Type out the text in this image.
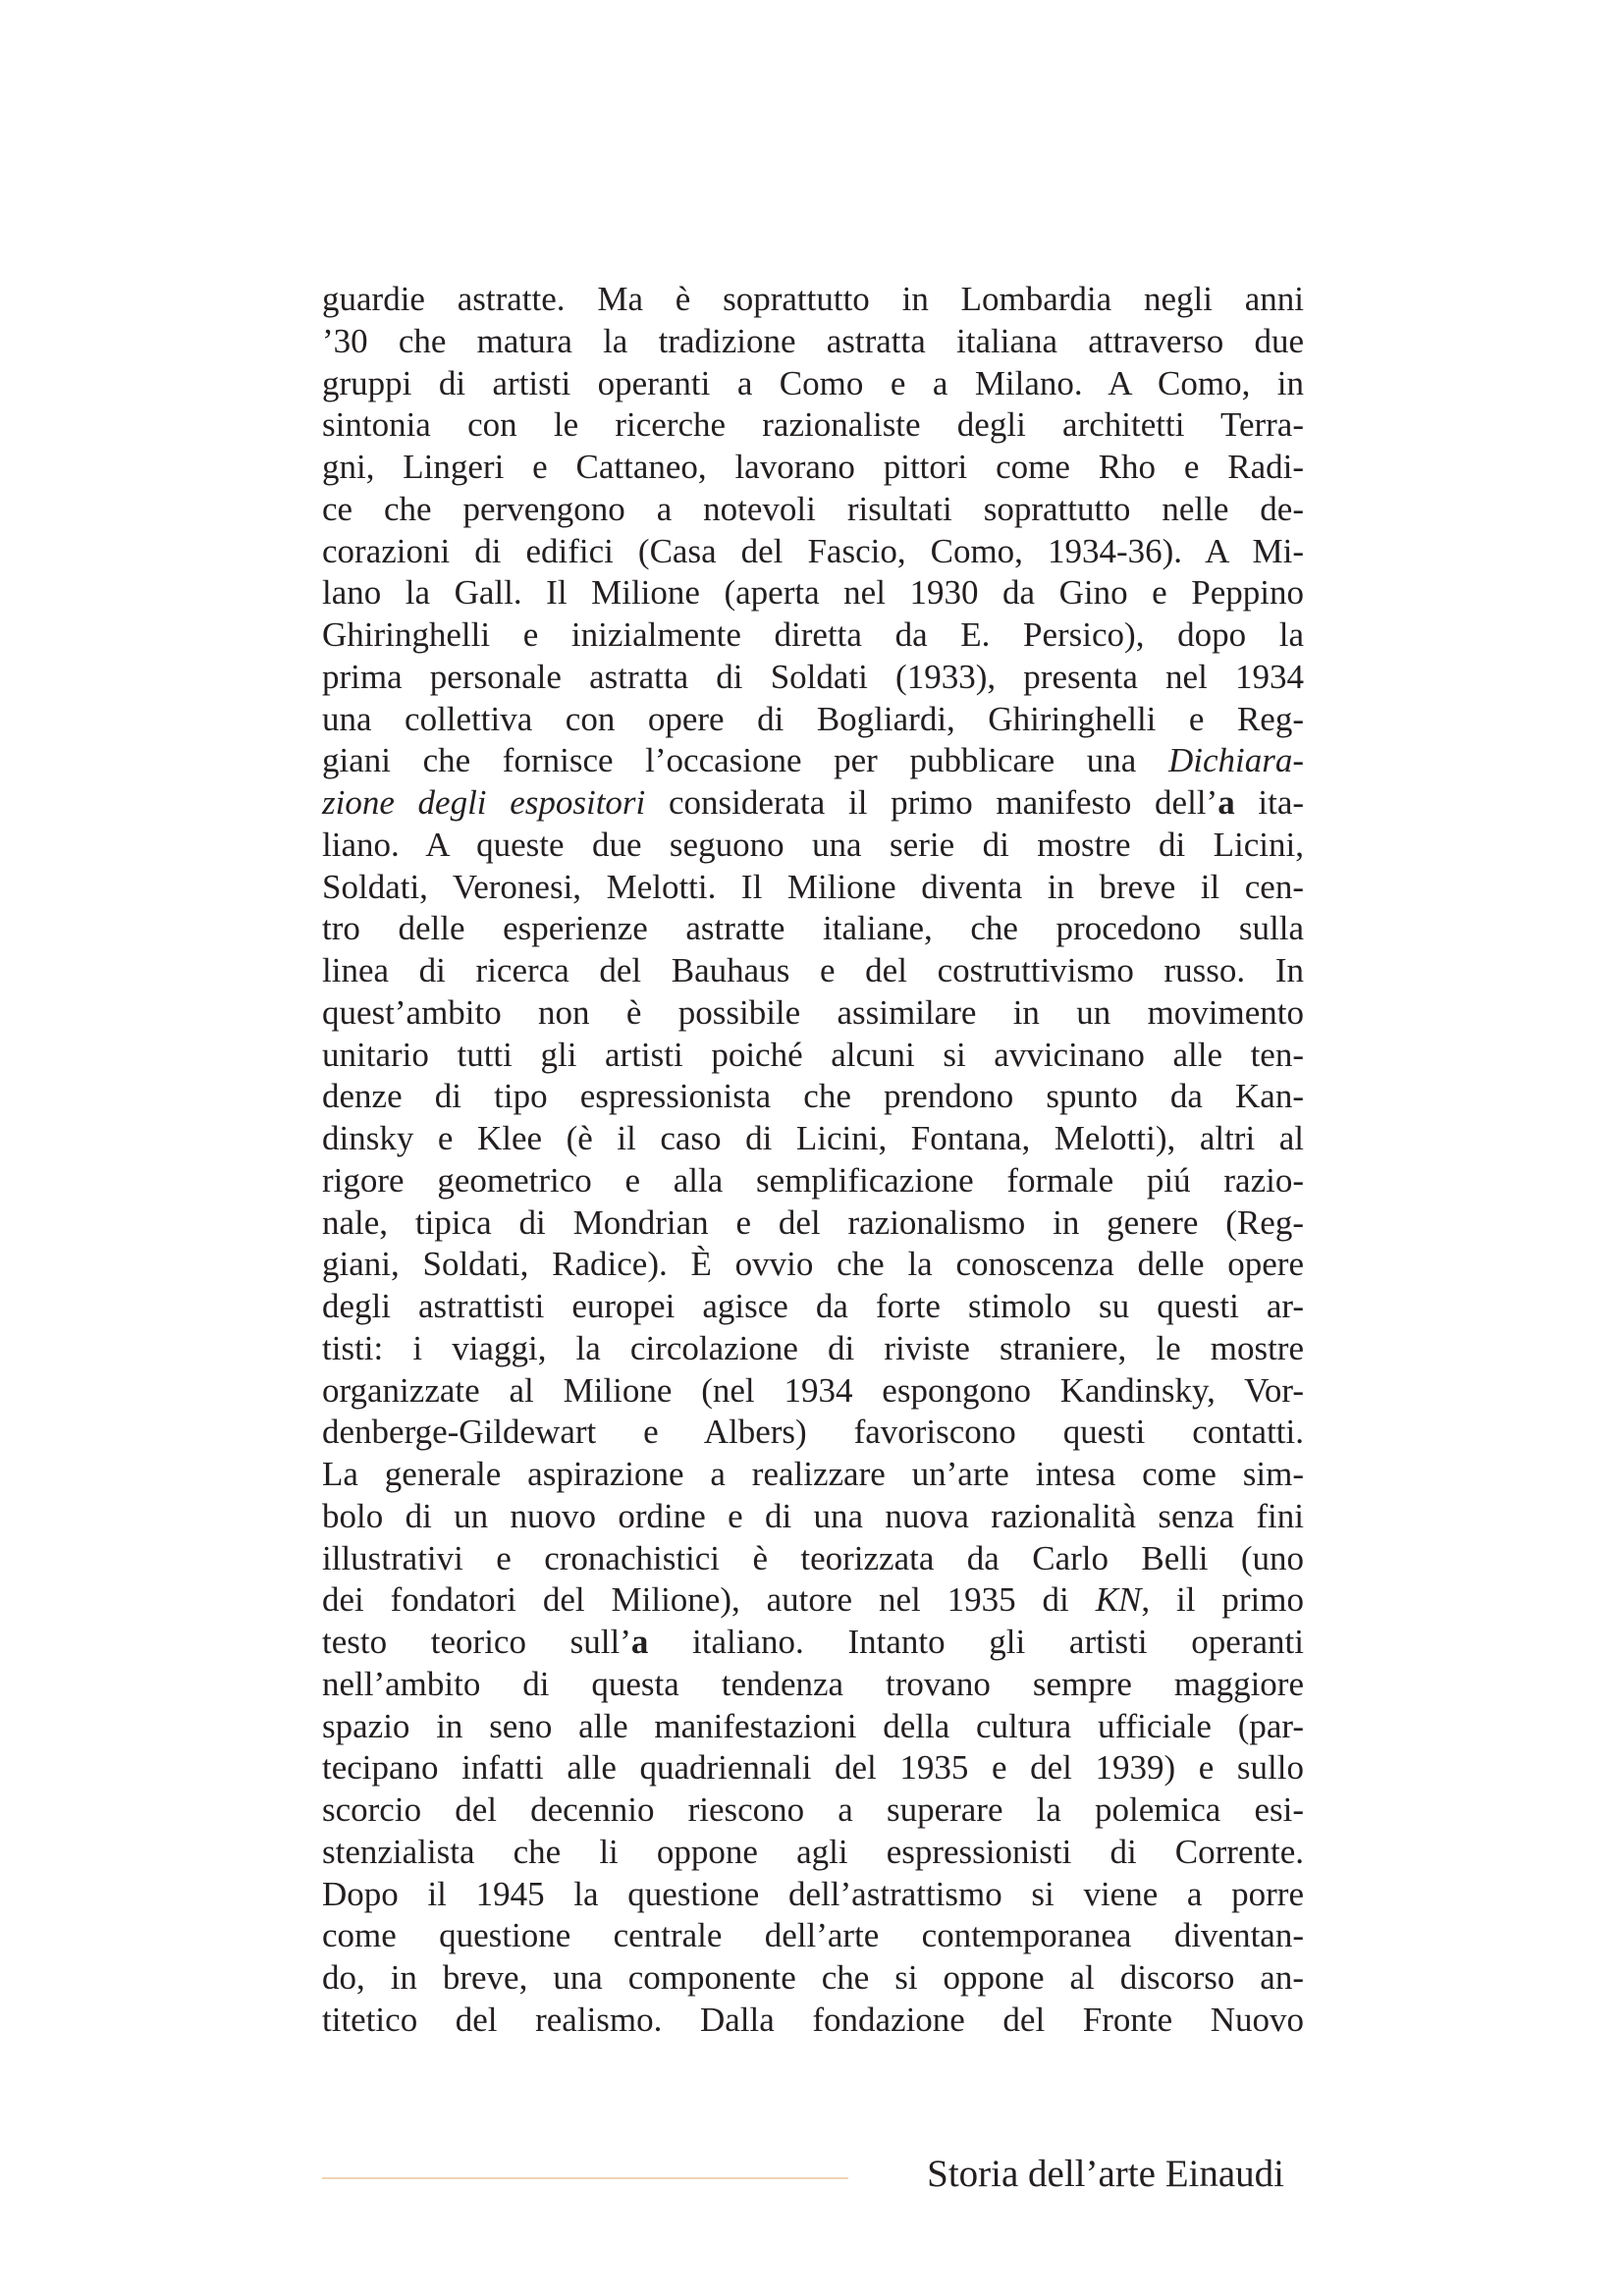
guardie astratte. Ma è soprattutto in Lombardia negli anni
’30 che matura la tradizione astratta italiana attraverso due
gruppi di artisti operanti a Como e a Milano. A Como, in
sintonia con le ricerche razionaliste degli architetti Terra-
gni, Lingeri e Cattaneo, lavorano pittori come Rho e Radi-
ce che pervengono a notevoli risultati soprattutto nelle de-
corazioni di edifici (Casa del Fascio, Como, 1934-36). A Mi-
lano la Gall. Il Milione (aperta nel 1930 da Gino e Peppino
Ghiringhelli e inizialmente diretta da E. Persico), dopo la
prima personale astratta di Soldati (1933), presenta nel 1934
una collettiva con opere di Bogliardi, Ghiringhelli e Reg-
giani che fornisce l’occasione per pubblicare una Dichiara-
zione degli espositori considerata il primo manifesto dell’a ita-
liano. A queste due seguono una serie di mostre di Licini,
Soldati, Veronesi, Melotti. Il Milione diventa in breve il cen-
tro delle esperienze astratte italiane, che procedono sulla
linea di ricerca del Bauhaus e del costruttivismo russo. In
quest’ambito non è possibile assimilare in un movimento
unitario tutti gli artisti poiché alcuni si avvicinano alle ten-
denze di tipo espressionista che prendono spunto da Kan-
dinsky e Klee (è il caso di Licini, Fontana, Melotti), altri al
rigore geometrico e alla semplificazione formale piú razio-
nale, tipica di Mondrian e del razionalismo in genere (Reg-
giani, Soldati, Radice). È ovvio che la conoscenza delle opere
degli astrattisti europei agisce da forte stimolo su questi ar-
tisti: i viaggi, la circolazione di riviste straniere, le mostre
organizzate al Milione (nel 1934 espongono Kandinsky, Vor-
denberge-Gildewart e Albers) favoriscono questi contatti.
La generale aspirazione a realizzare un’arte intesa come sim-
bolo di un nuovo ordine e di una nuova razionalità senza fini
illustrativi e cronachistici è teorizzata da Carlo Belli (uno
dei fondatori del Milione), autore nel 1935 di KN, il primo
testo teorico sull’a italiano. Intanto gli artisti operanti
nell’ambito di questa tendenza trovano sempre maggiore
spazio in seno alle manifestazioni della cultura ufficiale (par-
tecipano infatti alle quadriennali del 1935 e del 1939) e sullo
scorcio del decennio riescono a superare la polemica esi-
stenzialista che li oppone agli espressionisti di Corrente.
Dopo il 1945 la questione dell’astrattismo si viene a porre
come questione centrale dell’arte contemporanea diventan-
do, in breve, una componente che si oppone al discorso an-
titetico del realismo. Dalla fondazione del Fronte Nuovo
Storia dell’arte Einaudi
